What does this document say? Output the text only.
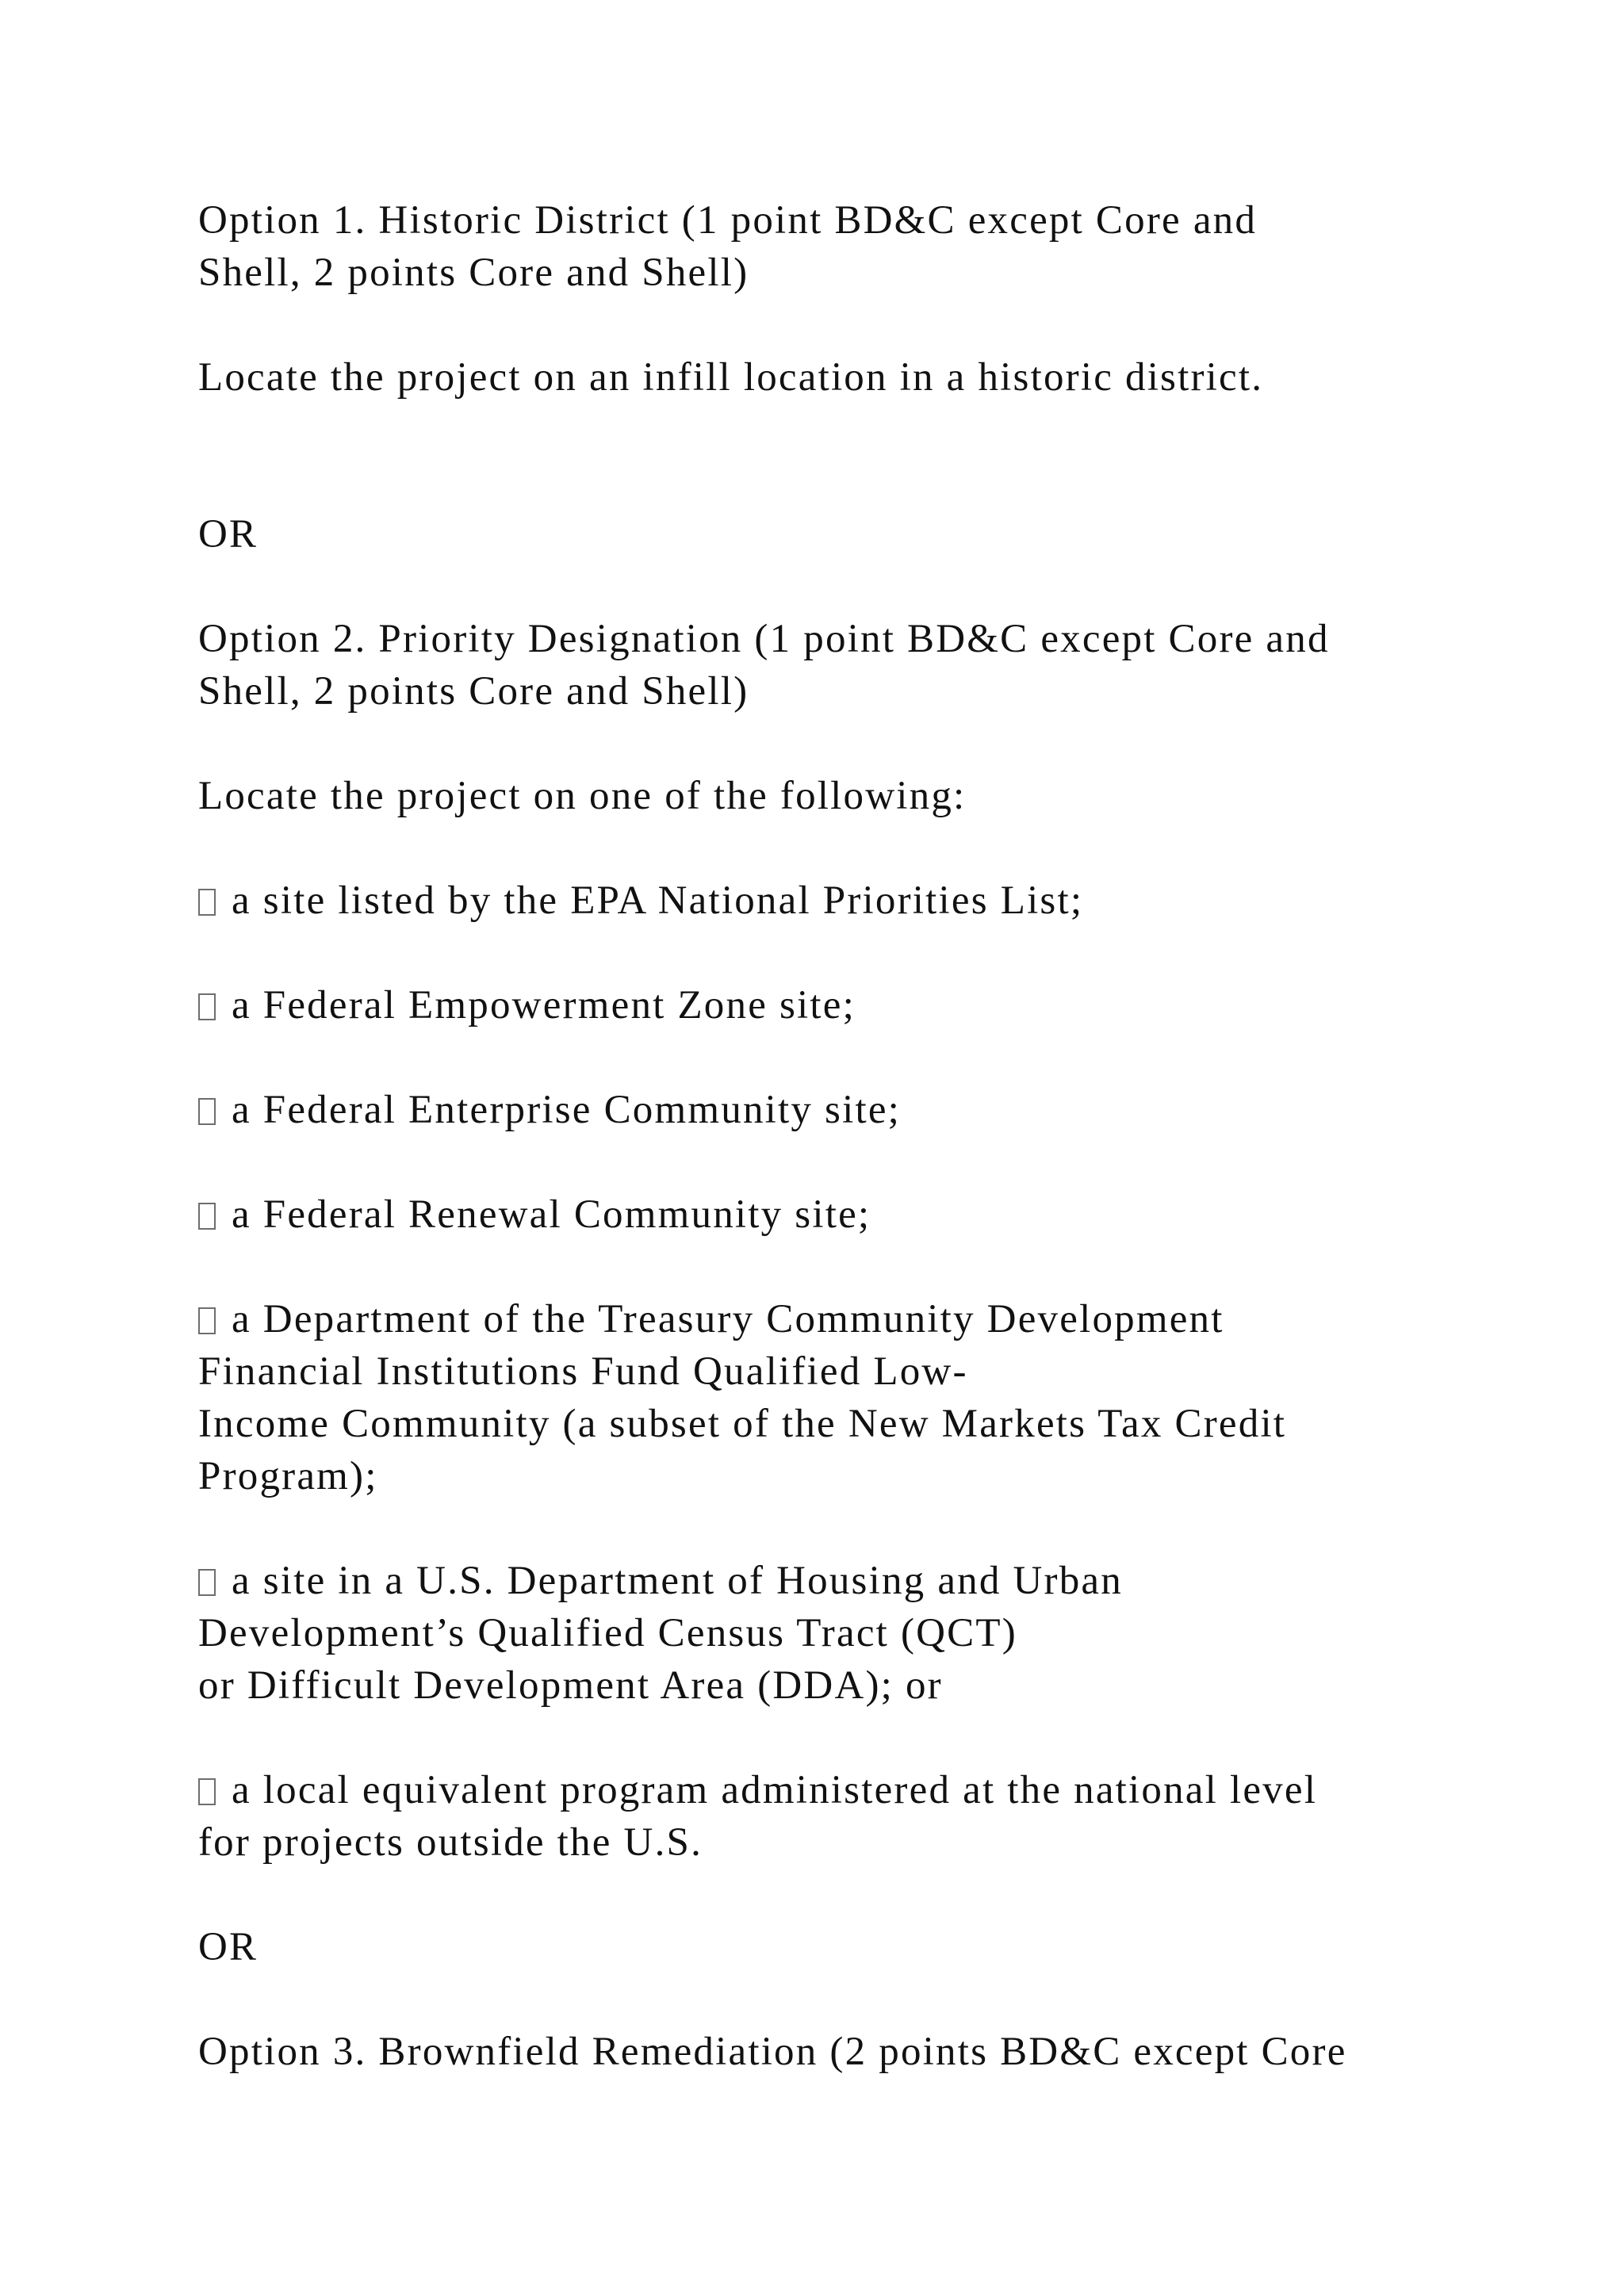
Option 1. Historic District (1 point BD&C except Core and
Shell, 2 points Core and Shell)
Locate the project on an infill location in a historic district.
OR
Option 2. Priority Designation (1 point BD&C except Core and
Shell, 2 points Core and Shell)
Locate the project on one of the following:
a site listed by the EPA National Priorities List;
a Federal Empowerment Zone site;
a Federal Enterprise Community site;
a Federal Renewal Community site;
a Department of the Treasury Community Development
Financial Institutions Fund Qualified Low-
Income Community (a subset of the New Markets Tax Credit
Program);
a site in a U.S. Department of Housing and Urban
Development’s Qualified Census Tract (QCT)
or Difficult Development Area (DDA); or
a local equivalent program administered at the national level
for projects outside the U.S.
OR
Option 3. Brownfield Remediation (2 points BD&C except Core
